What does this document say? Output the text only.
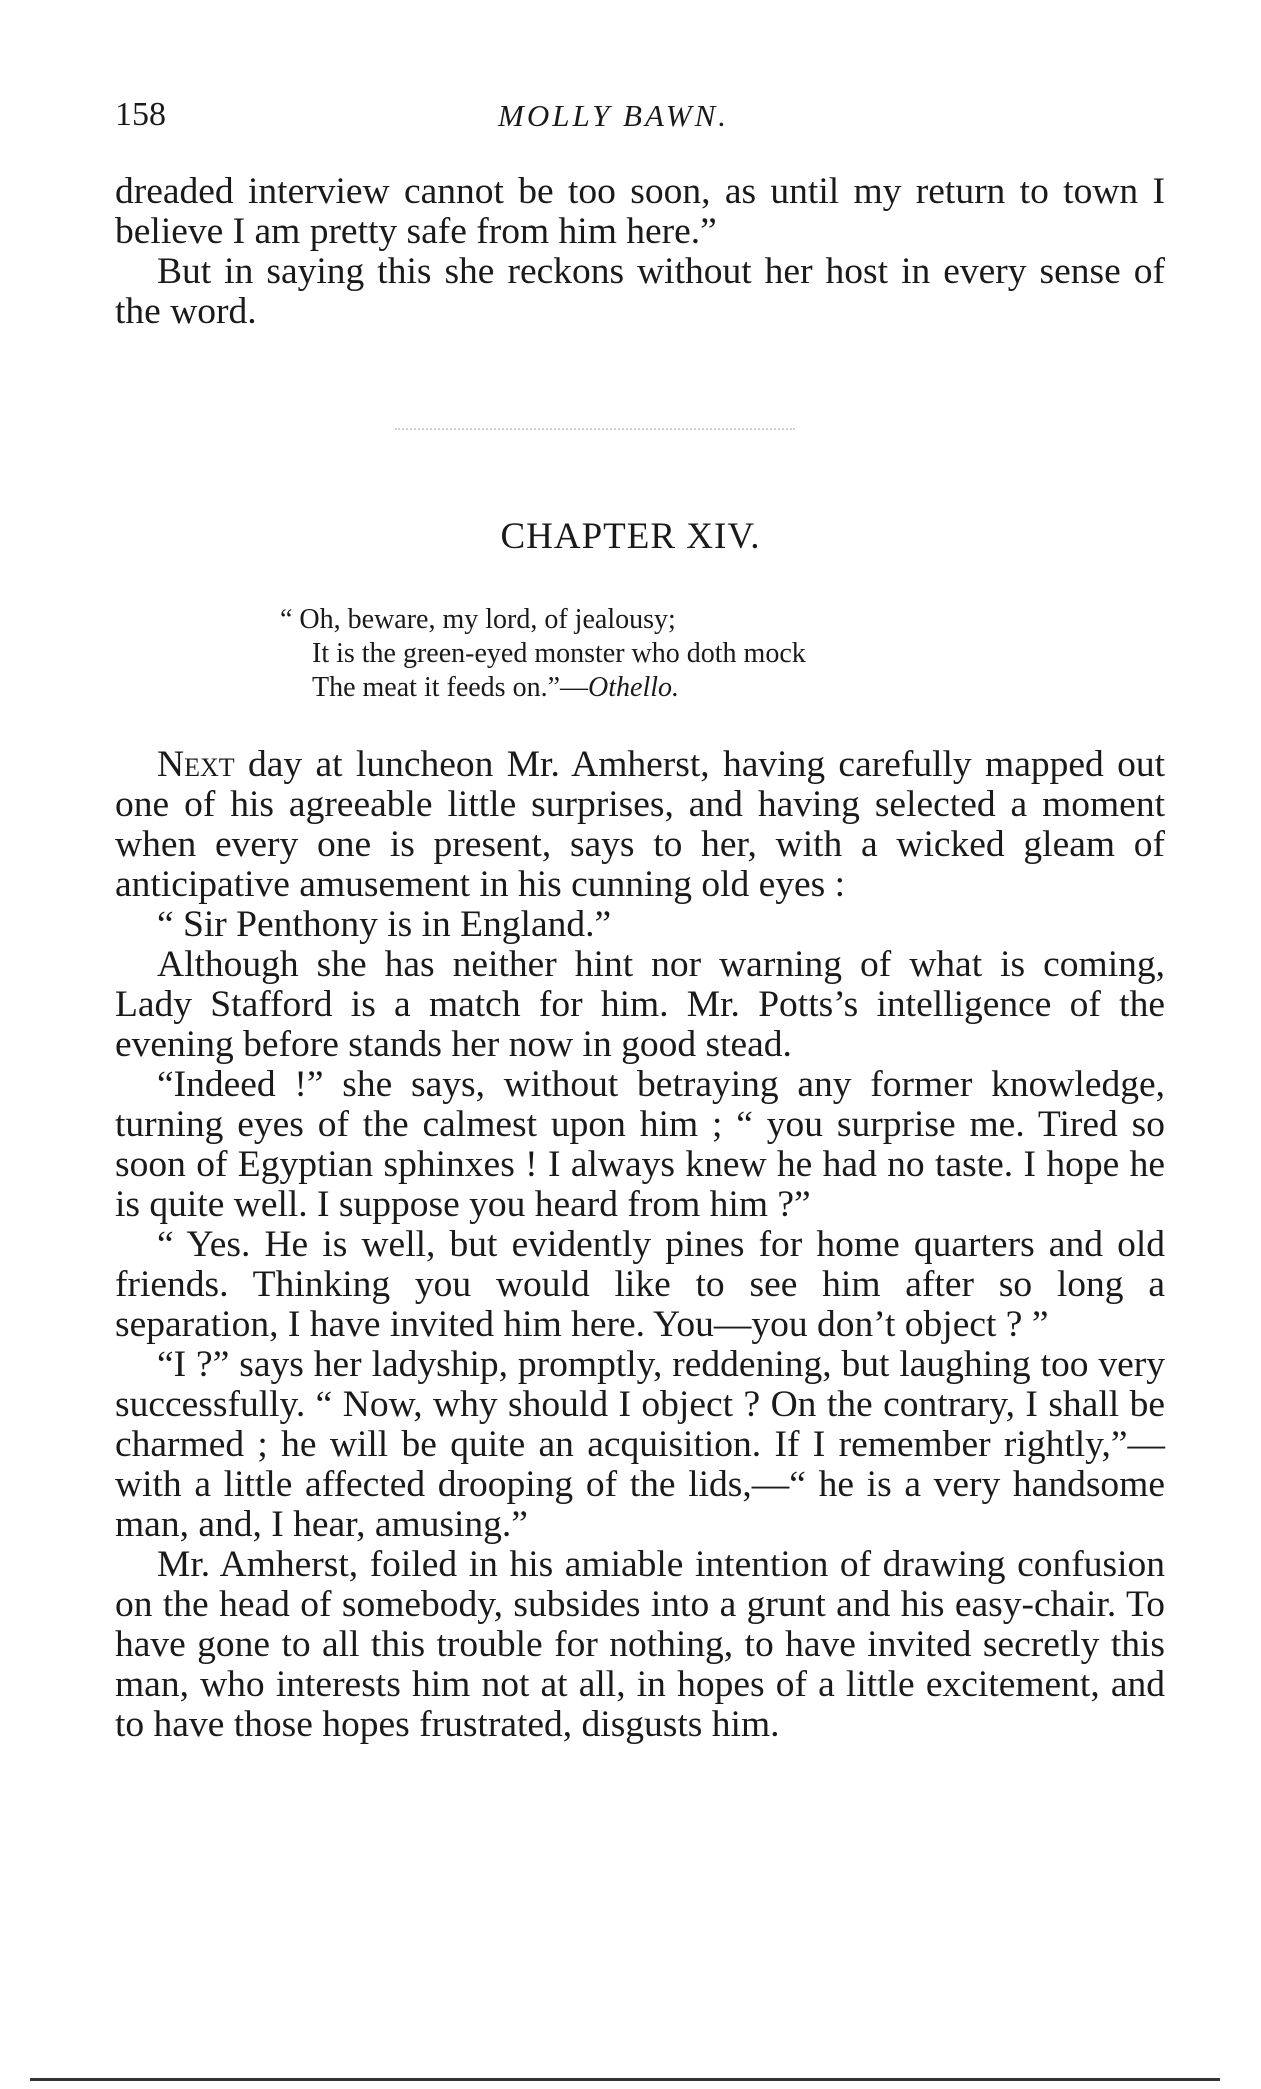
158	MOLLY BAWN.

dreaded interview cannot be too soon, as until my return to town I believe I am pretty safe from him here.”

But in saying this she reckons without her host in every sense of the word.

CHAPTER XIV.
“ Oh, beware, my lord, of jealousy;
It is the green-eyed monster who doth mock
The meat it feeds on.”—Othello.

Next day at luncheon Mr. Amherst, having carefully mapped out one of his agreeable little surprises, and having selected a moment when every one is present, says to her, with a wicked gleam of anticipative amusement in his cunning old eyes :

“ Sir Penthony is in England.”

Although she has neither hint nor warning of what is coming, Lady Stafford is a match for him. Mr. Potts’s intelligence of the evening before stands her now in good stead.

“Indeed !” she says, without betraying any former knowledge, turning eyes of the calmest upon him ; “ you surprise me. Tired so soon of Egyptian sphinxes ! I always knew he had no taste. I hope he is quite well. I suppose you heard from him ?”

“ Yes. He is well, but evidently pines for home quarters and old friends. Thinking you would like to see him after so long a separation, I have invited him here. You—you don’t object ? ”

“I ?” says her ladyship, promptly, reddening, but laughing too very successfully. “ Now, why should I object ? On the contrary, I shall be charmed ; he will be quite an acquisition. If I remember rightly,”—with a little affected drooping of the lids,—“ he is a very handsome man, and, I hear, amusing.”

Mr. Amherst, foiled in his amiable intention of drawing confusion on the head of somebody, subsides into a grunt and his easy-chair. To have gone to all this trouble for nothing, to have invited secretly this man, who interests him not at all, in hopes of a little excitement, and to have those hopes frustrated, disgusts him.
